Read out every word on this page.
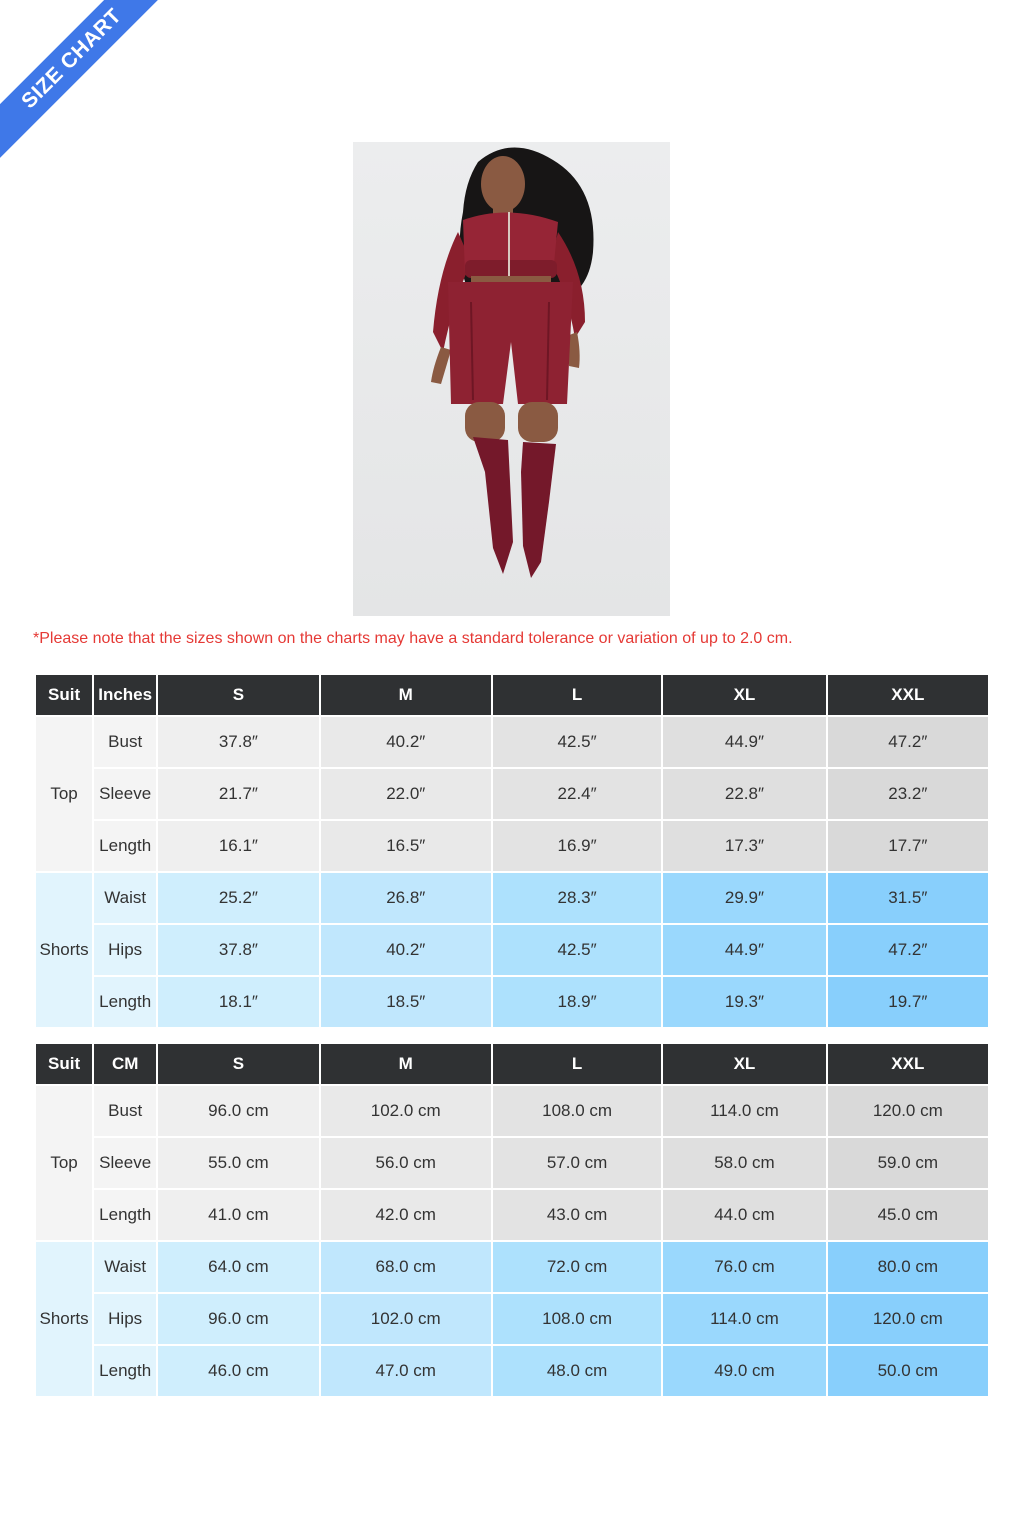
SIZE CHART
*Please note that the sizes shown on the charts may have a standard tolerance or variation of up to 2.0 cm.
Suit	Inches	S	M	L	XL	XXL
Top	Bust	37.8″	40.2″	42.5″	44.9″	47.2″
	Sleeve	21.7″	22.0″	22.4″	22.8″	23.2″
	Length	16.1″	16.5″	16.9″	17.3″	17.7″
Shorts	Waist	25.2″	26.8″	28.3″	29.9″	31.5″
	Hips	37.8″	40.2″	42.5″	44.9″	47.2″
	Length	18.1″	18.5″	18.9″	19.3″	19.7″
Suit	CM	S	M	L	XL	XXL
Top	Bust	96.0 cm	102.0 cm	108.0 cm	114.0 cm	120.0 cm
	Sleeve	55.0 cm	56.0 cm	57.0 cm	58.0 cm	59.0 cm
	Length	41.0 cm	42.0 cm	43.0 cm	44.0 cm	45.0 cm
Shorts	Waist	64.0 cm	68.0 cm	72.0 cm	76.0 cm	80.0 cm
	Hips	96.0 cm	102.0 cm	108.0 cm	114.0 cm	120.0 cm
	Length	46.0 cm	47.0 cm	48.0 cm	49.0 cm	50.0 cm
